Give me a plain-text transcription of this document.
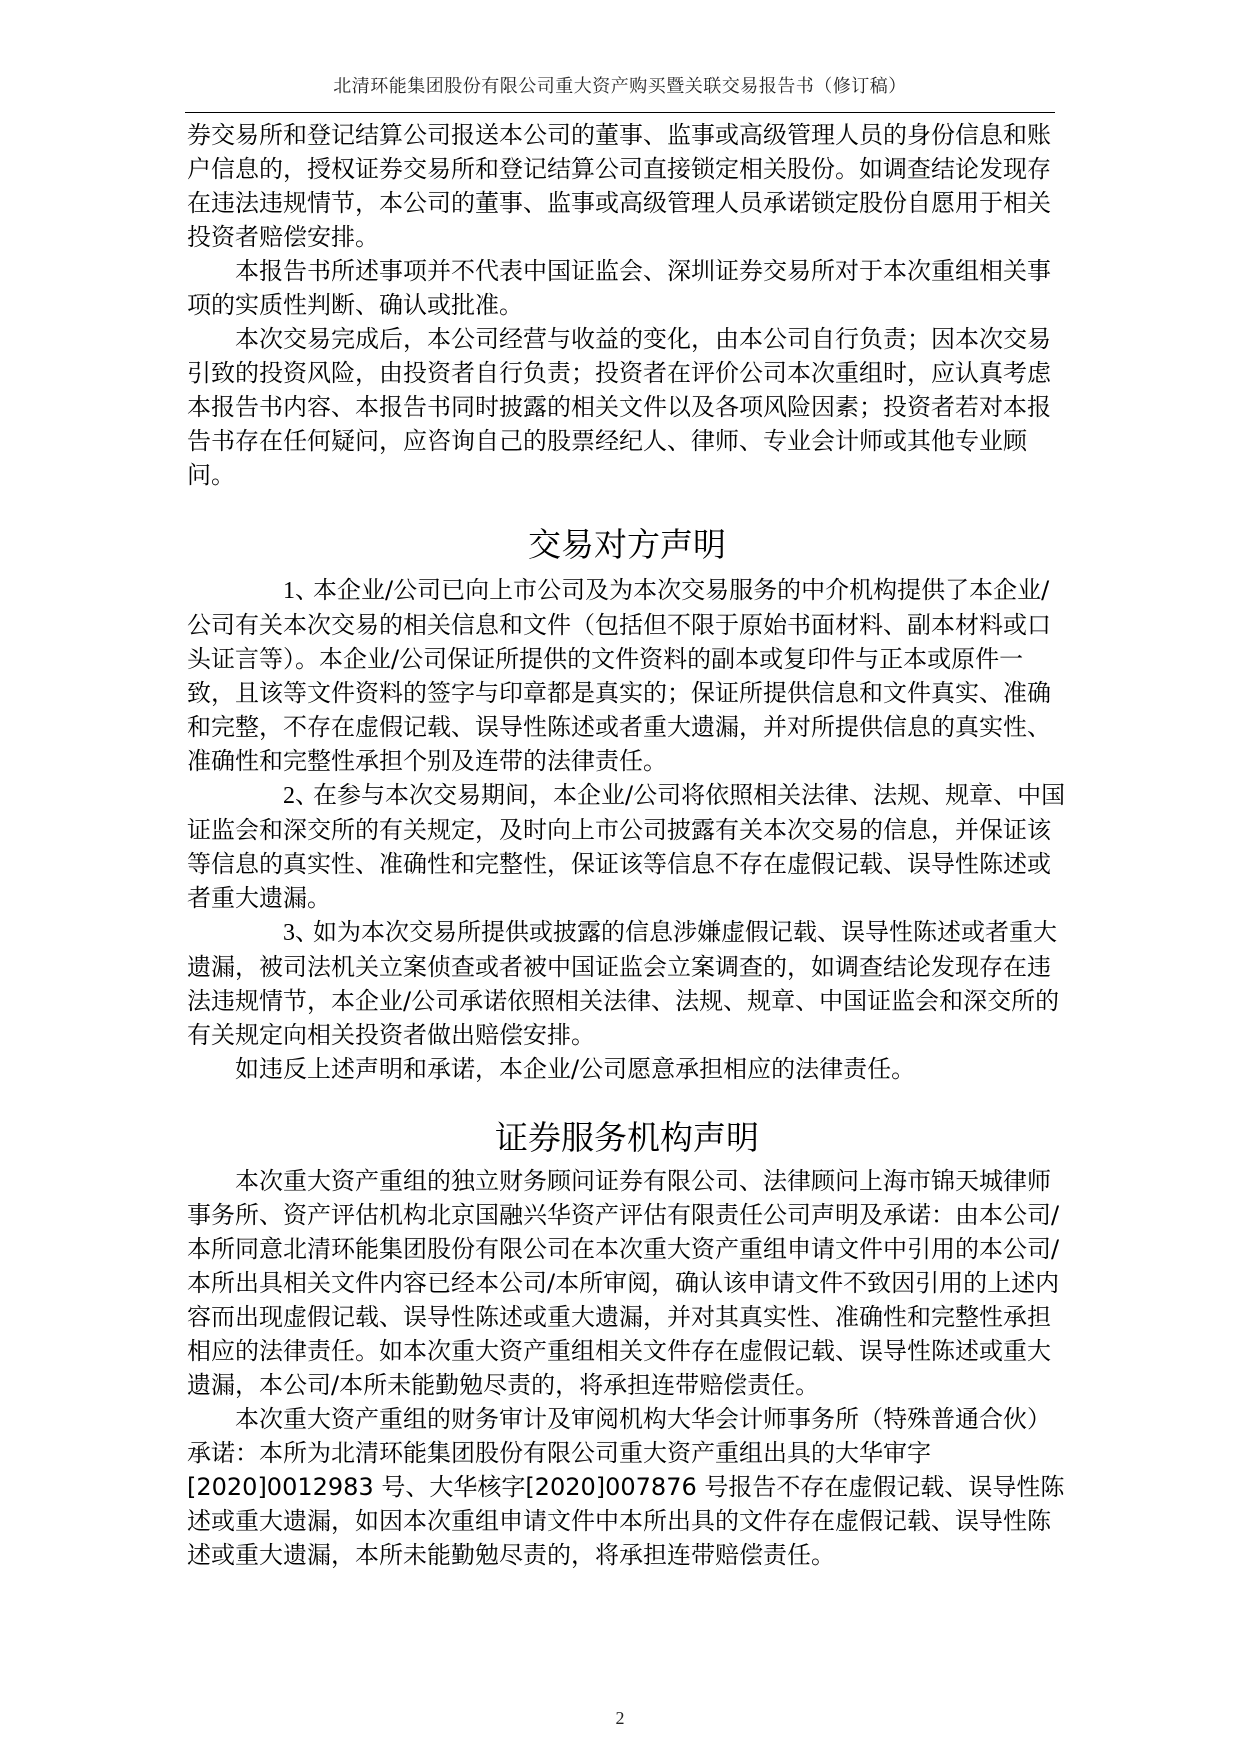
北清环能集团股份有限公司重大资产购买暨关联交易报告书（修订稿）

券交易所和登记结算公司报送本公司的董事、监事或高级管理人员的身份信息和账户信息的，授权证券交易所和登记结算公司直接锁定相关股份。如调查结论发现存在违法违规情节，本公司的董事、监事或高级管理人员承诺锁定股份自愿用于相关投资者赔偿安排。

本报告书所述事项并不代表中国证监会、深圳证券交易所对于本次重组相关事项的实质性判断、确认或批准。

本次交易完成后，本公司经营与收益的变化，由本公司自行负责；因本次交易引致的投资风险，由投资者自行负责；投资者在评价公司本次重组时，应认真考虑本报告书内容、本报告书同时披露的相关文件以及各项风险因素；投资者若对本报告书存在任何疑问，应咨询自己的股票经纪人、律师、专业会计师或其他专业顾问。

交易对方声明

1、本企业/公司已向上市公司及为本次交易服务的中介机构提供了本企业/ 公司有关本次交易的相关信息和文件（包括但不限于原始书面材料、副本材料或口头证言等）。本企业/公司保证所提供的文件资料的副本或复印件与正本或原件一致，且该等文件资料的签字与印章都是真实的；保证所提供信息和文件真实、准确和完整，不存在虚假记载、误导性陈述或者重大遗漏，并对所提供信息的真实性、准确性和完整性承担个别及连带的法律责任。

2、在参与本次交易期间，本企业/公司将依照相关法律、法规、规章、中国证监会和深交所的有关规定，及时向上市公司披露有关本次交易的信息，并保证该等信息的真实性、准确性和完整性，保证该等信息不存在虚假记载、误导性陈述或者重大遗漏。

3、如为本次交易所提供或披露的信息涉嫌虚假记载、误导性陈述或者重大遗漏，被司法机关立案侦查或者被中国证监会立案调查的，如调查结论发现存在违法违规情节，本企业/公司承诺依照相关法律、法规、规章、中国证监会和深交所的有关规定向相关投资者做出赔偿安排。

如违反上述声明和承诺，本企业/公司愿意承担相应的法律责任。

证券服务机构声明

本次重大资产重组的独立财务顾问证券有限公司、法律顾问上海市锦天城律师事务所、资产评估机构北京国融兴华资产评估有限责任公司声明及承诺：由本公司/本所同意北清环能集团股份有限公司在本次重大资产重组申请文件中引用的本公司/本所出具相关文件内容已经本公司/本所审阅，确认该申请文件不致因引用的上述内容而出现虚假记载、误导性陈述或重大遗漏，并对其真实性、准确性和完整性承担相应的法律责任。如本次重大资产重组相关文件存在虚假记载、误导性陈述或重大遗漏，本公司/本所未能勤勉尽责的，将承担连带赔偿责任。

本次重大资产重组的财务审计及审阅机构大华会计师事务所（特殊普通合伙）承诺：本所为北清环能集团股份有限公司重大资产重组出具的大华审字[2020]0012983 号、大华核字[2020]007876 号报告不存在虚假记载、误导性陈述或重大遗漏，如因本次重组申请文件中本所出具的文件存在虚假记载、误导性陈述或重大遗漏，本所未能勤勉尽责的，将承担连带赔偿责任。

2
